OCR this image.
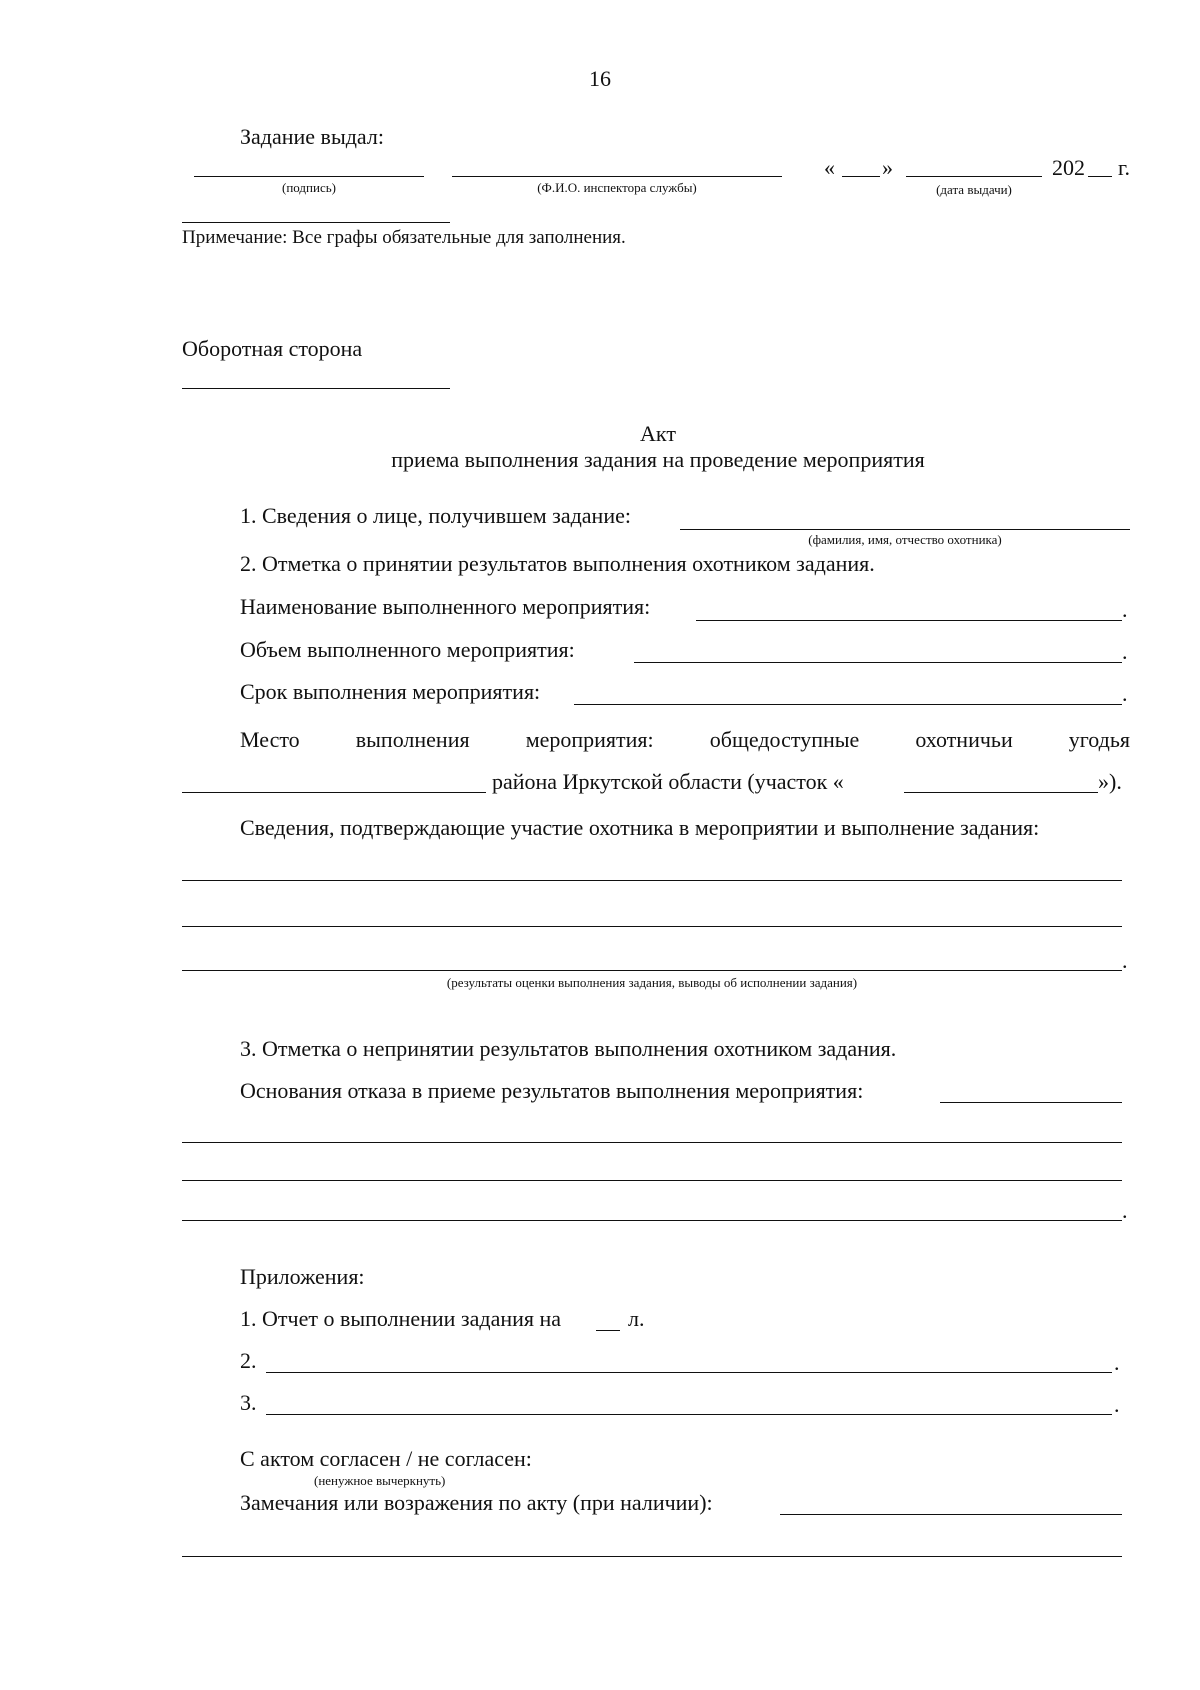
16
Задание выдал:
« »	202 г.
(подпись)	(Ф.И.О. инспектора службы)	(дата выдачи)
Примечание: Все графы обязательные для заполнения.
Оборотная сторона
Акт
приема выполнения задания на проведение мероприятия
1. Сведения о лице, получившем задание:
(фамилия, имя, отчество охотника)
2. Отметка о принятии результатов выполнения охотником задания.
Наименование выполненного мероприятия:	.
Объем выполненного мероприятия:	.
Срок выполнения мероприятия:	.
Место	выполнения	мероприятия:	общедоступные	охотничьи	угодья
района Иркутской области (участок «	»).
Сведения, подтверждающие участие охотника в мероприятии и выполнение задания:
.
(результаты оценки выполнения задания, выводы об исполнении задания)
3. Отметка о непринятии результатов выполнения охотником задания.
Основания отказа в приеме результатов выполнения мероприятия:
.
Приложения:
1. Отчет о выполнении задания на	л.
2.	.
3.	.
С актом согласен / не согласен:
(ненужное вычеркнуть)
Замечания или возражения по акту (при наличии):
